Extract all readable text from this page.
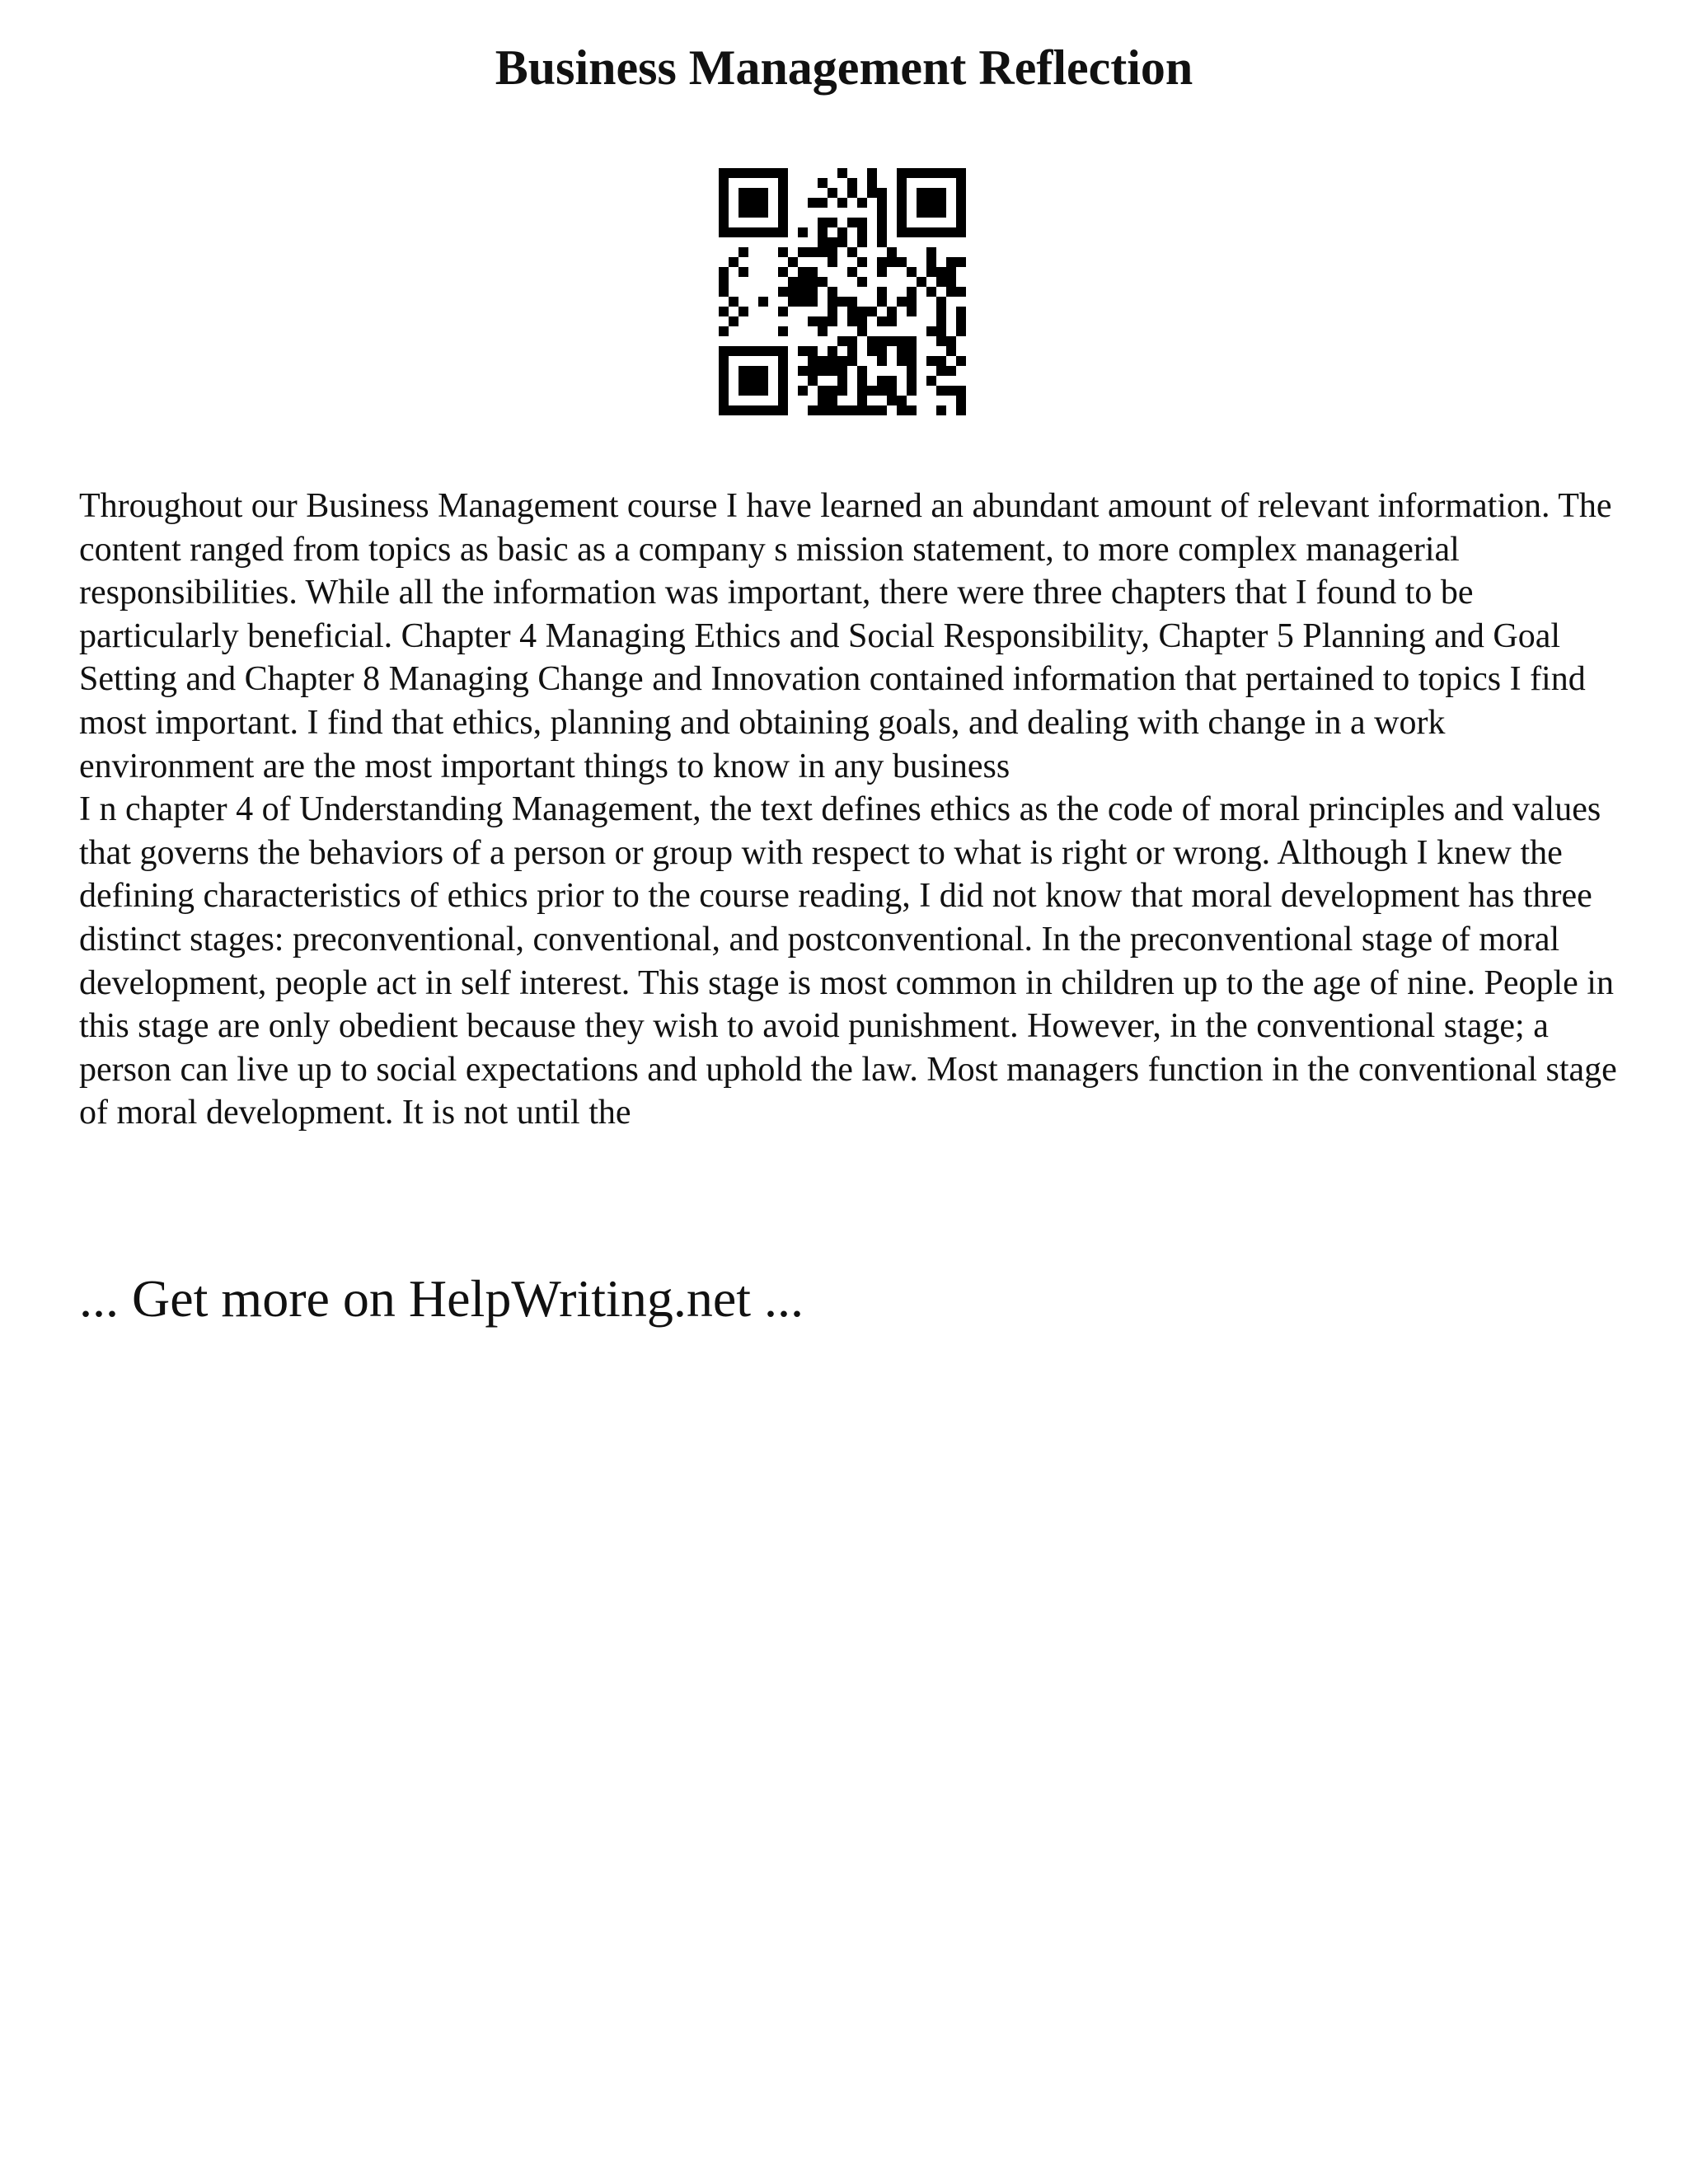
Business Management Reflection

Throughout our Business Management course I have learned an abundant amount of relevant information. The content ranged from topics as basic as a company s mission statement, to more complex managerial responsibilities. While all the information was important, there were three chapters that I found to be particularly beneficial. Chapter 4 Managing Ethics and Social Responsibility, Chapter 5 Planning and Goal Setting and Chapter 8 Managing Change and Innovation contained information that pertained to topics I find most important. I find that ethics, planning and obtaining goals, and dealing with change in a work environment are the most important things to know in any business

I n chapter 4 of Understanding Management, the text defines ethics as the code of moral principles and values that governs the behaviors of a person or group with respect to what is right or wrong. Although I knew the defining characteristics of ethics prior to the course reading, I did not know that moral development has three distinct stages: preconventional, conventional, and postconventional. In the preconventional stage of moral development, people act in self interest. This stage is most common in children up to the age of nine. People in this stage are only obedient because they wish to avoid punishment. However, in the conventional stage; a person can live up to social expectations and uphold the law. Most managers function in the conventional stage of moral development. It is not until the

... Get more on HelpWriting.net ...
